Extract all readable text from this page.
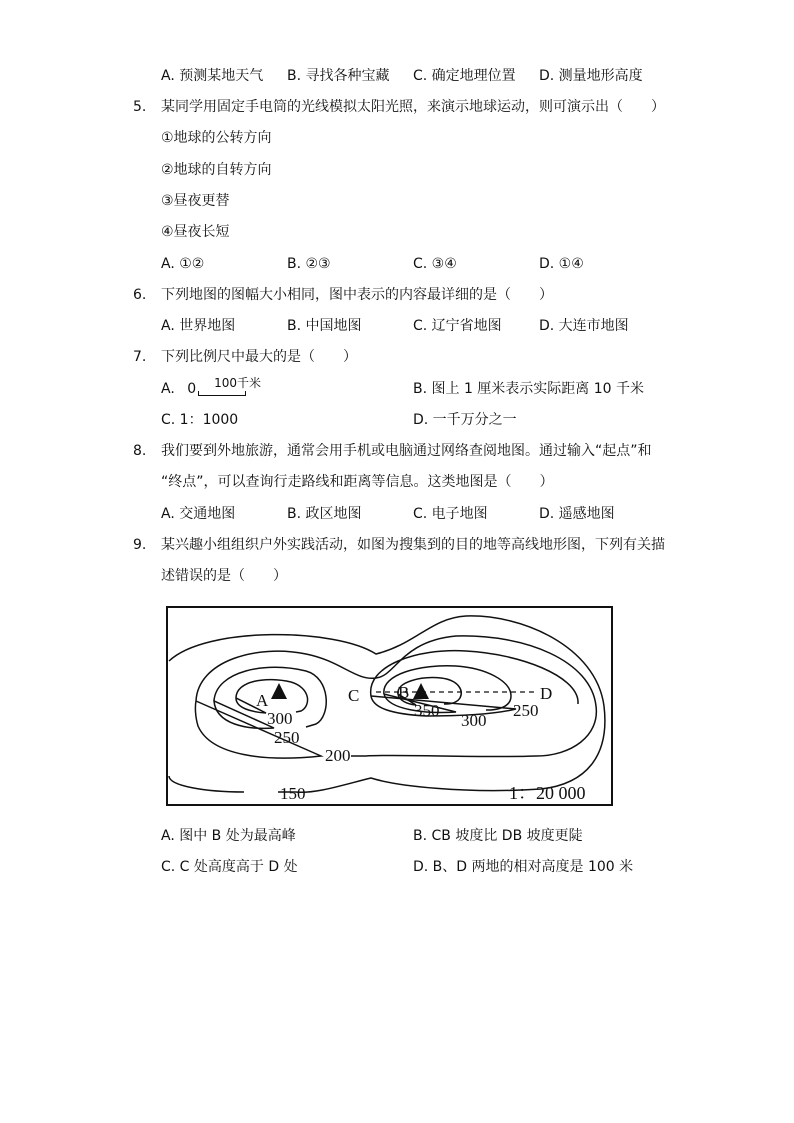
A. 预测某地天气 B. 寻找各种宝藏 C. 确定地理位置 D. 测量地形高度
5. 某同学用固定手电筒的光线模拟太阳光照，来演示地球运动，则可演示出（　　）
①地球的公转方向
②地球的自转方向
③昼夜更替
④昼夜长短
A. ①②	B. ②③	C. ③④	D. ①④
6. 下列地图的图幅大小相同，图中表示的内容最详细的是（　　）
A. 世界地图	B. 中国地图	C. 辽宁省地图	D. 大连市地图
7. 下列比例尺中最大的是（　　）
A. 0 100千米	B. 图上 1 厘米表示实际距离 10 千米
C. 1：1000	D. 一千万分之一
8. 我们要到外地旅游，通常会用手机或电脑通过网络查阅地图。通过输入“起点”和
“终点”，可以查询行走路线和距离等信息。这类地图是（　　）
A. 交通地图	B. 政区地图	C. 电子地图	D. 遥感地图
9. 某兴趣小组组织户外实践活动，如图为搜集到的目的地等高线地形图，下列有关描
述错误的是（　　）
A	B
C	D
300
250
200
150
350
300
250
1：20 000
A. 图中 B 处为最高峰	B. CB 坡度比 DB 坡度更陡
C. C 处高度高于 D 处	D. B、D 两地的相对高度是 100 米
